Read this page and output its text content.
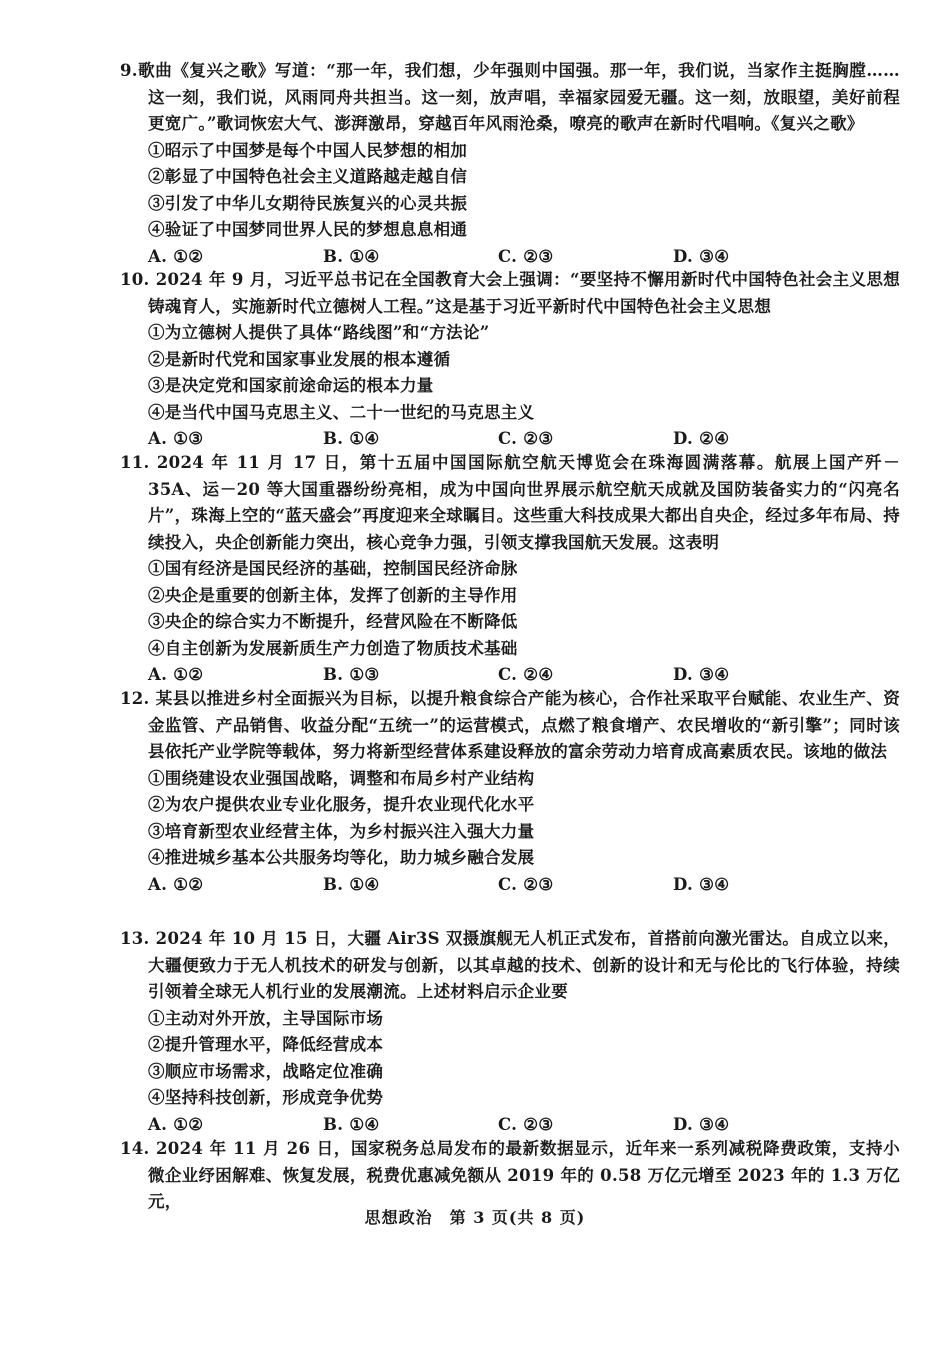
9.歌曲《复兴之歌》写道：“那一年，我们想，少年强则中国强。那一年，我们说，当家作主挺胸膛……这一刻，我们说，风雨同舟共担当。这一刻，放声唱，幸福家园爱无疆。这一刻，放眼望，美好前程更宽广。”歌词恢宏大气、澎湃激昂，穿越百年风雨沧桑，嘹亮的歌声在新时代唱响。《复兴之歌》

①昭示了中国梦是每个中国人民梦想的相加

②彰显了中国特色社会主义道路越走越自信

③引发了中华儿女期待民族复兴的心灵共振

④验证了中国梦同世界人民的梦想息息相通

A. ①②	B. ①④	C. ②③	D. ③④

10. 2024 年 9 月，习近平总书记在全国教育大会上强调：“要坚持不懈用新时代中国特色社会主义思想铸魂育人，实施新时代立德树人工程。”这是基于习近平新时代中国特色社会主义思想

①为立德树人提供了具体“路线图”和“方法论”

②是新时代党和国家事业发展的根本遵循

③是决定党和国家前途命运的根本力量

④是当代中国马克思主义、二十一世纪的马克思主义

A. ①③	B. ①④	C. ②③	D. ②④

11. 2024 年 11 月 17 日，第十五届中国国际航空航天博览会在珠海圆满落幕。航展上国产歼－35A、运－20 等大国重器纷纷亮相，成为中国向世界展示航空航天成就及国防装备实力的“闪亮名片”，珠海上空的“蓝天盛会”再度迎来全球瞩目。这些重大科技成果大都出自央企，经过多年布局、持续投入，央企创新能力突出，核心竞争力强，引领支撑我国航天发展。这表明

①国有经济是国民经济的基础，控制国民经济命脉

②央企是重要的创新主体，发挥了创新的主导作用

③央企的综合实力不断提升，经营风险在不断降低

④自主创新为发展新质生产力创造了物质技术基础

A. ①②	B. ①③	C. ②④	D. ③④

12. 某县以推进乡村全面振兴为目标，以提升粮食综合产能为核心，合作社采取平台赋能、农业生产、资金监管、产品销售、收益分配“五统一”的运营模式，点燃了粮食增产、农民增收的“新引擎”；同时该县依托产业学院等载体，努力将新型经营体系建设释放的富余劳动力培育成高素质农民。该地的做法

①围绕建设农业强国战略，调整和布局乡村产业结构

②为农户提供农业专业化服务，提升农业现代化水平

③培育新型农业经营主体，为乡村振兴注入强大力量

④推进城乡基本公共服务均等化，助力城乡融合发展

A. ①②	B. ①④	C. ②③	D. ③④

13. 2024 年 10 月 15 日，大疆 Air3S 双摄旗舰无人机正式发布，首搭前向激光雷达。自成立以来，大疆便致力于无人机技术的研发与创新，以其卓越的技术、创新的设计和无与伦比的飞行体验，持续引领着全球无人机行业的发展潮流。上述材料启示企业要

①主动对外开放，主导国际市场

②提升管理水平，降低经营成本

③顺应市场需求，战略定位准确

④坚持科技创新，形成竞争优势

A. ①②	B. ①④	C. ②③	D. ③④

14. 2024 年 11 月 26 日，国家税务总局发布的最新数据显示，近年来一系列减税降费政策，支持小微企业纾困解难、恢复发展，税费优惠减免额从 2019 年的 0.58 万亿元增至 2023 年的 1.3 万亿元，

思想政治　第 3 页(共 8 页)
